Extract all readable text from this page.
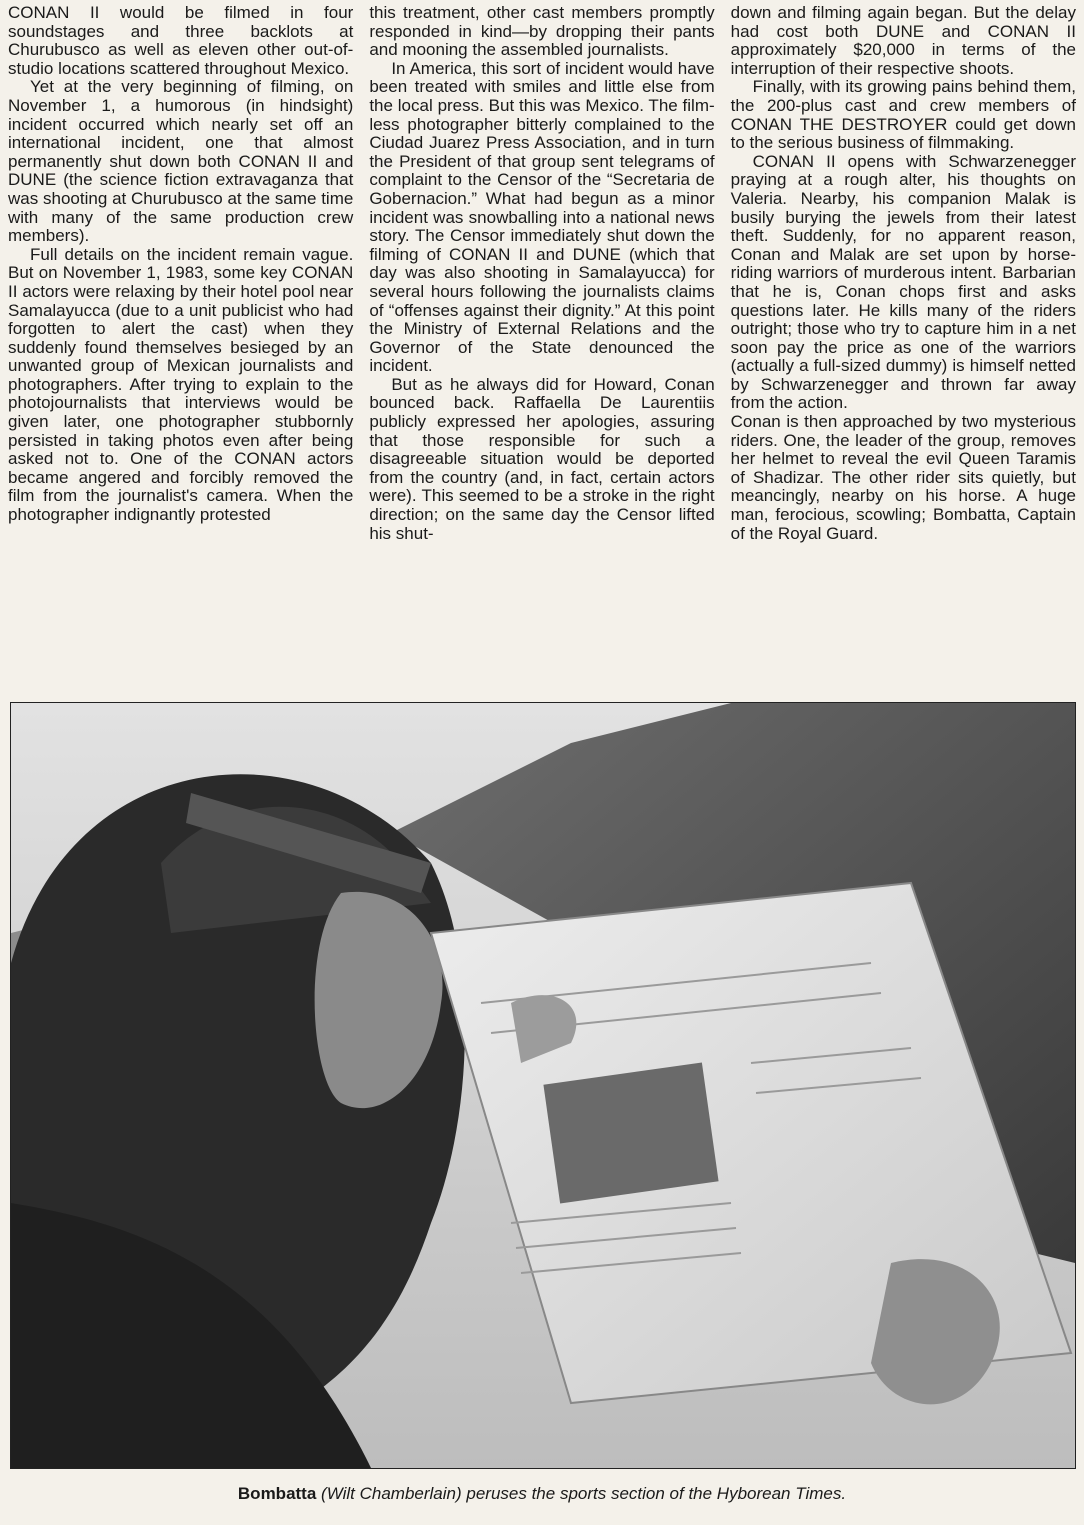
CONAN II would be filmed in four soundstages and three backlots at Churubusco as well as eleven other out-of-studio locations scattered throughout Mexico.

Yet at the very beginning of filming, on November 1, a humorous (in hindsight) incident occurred which nearly set off an international incident, one that almost permanently shut down both CONAN II and DUNE (the science fiction extravaganza that was shooting at Churubusco at the same time with many of the same production crew members).

Full details on the incident remain vague. But on November 1, 1983, some key CONAN II actors were relaxing by their hotel pool near Samalayucca (due to a unit publicist who had forgotten to alert the cast) when they suddenly found themselves besieged by an unwanted group of Mexican journalists and photographers. After trying to explain to the photojournalists that interviews would be given later, one photographer stubbornly persisted in taking photos even after being asked not to. One of the CONAN actors became angered and forcibly removed the film from the journalist's camera. When the photographer indignantly protested

this treatment, other cast members promptly responded in kind—by dropping their pants and mooning the assembled journalists.

In America, this sort of incident would have been treated with smiles and little else from the local press. But this was Mexico. The film-less photographer bitterly complained to the Ciudad Juarez Press Association, and in turn the President of that group sent telegrams of complaint to the Censor of the “Secretaria de Gobernacion.” What had begun as a minor incident was snowballing into a national news story. The Censor immediately shut down the filming of CONAN II and DUNE (which that day was also shooting in Samalayucca) for several hours following the journalists claims of “offenses against their dignity.” At this point the Ministry of External Relations and the Governor of the State denounced the incident.

But as he always did for Howard, Conan bounced back. Raffaella De Laurentiis publicly expressed her apologies, assuring that those responsible for such a disagreeable situation would be deported from the country (and, in fact, certain actors were). This seemed to be a stroke in the right direction; on the same day the Censor lifted his shut-

down and filming again began. But the delay had cost both DUNE and CONAN II approximately $20,000 in terms of the interruption of their respective shoots.

Finally, with its growing pains behind them, the 200-plus cast and crew members of CONAN THE DESTROYER could get down to the serious business of filmmaking.

CONAN II opens with Schwarzenegger praying at a rough alter, his thoughts on Valeria. Nearby, his companion Malak is busily burying the jewels from their latest theft. Suddenly, for no apparent reason, Conan and Malak are set upon by horse-riding warriors of murderous intent. Barbarian that he is, Conan chops first and asks questions later. He kills many of the riders outright; those who try to capture him in a net soon pay the price as one of the warriors (actually a full-sized dummy) is himself netted by Schwarzenegger and thrown far away from the action.

Conan is then approached by two mysterious riders. One, the leader of the group, removes her helmet to reveal the evil Queen Taramis of Shadizar. The other rider sits quietly, but meancingly, nearby on his horse. A huge man, ferocious, scowling; Bombatta, Captain of the Royal Guard.

Bombatta (Wilt Chamberlain) peruses the sports section of the Hyborean Times.
